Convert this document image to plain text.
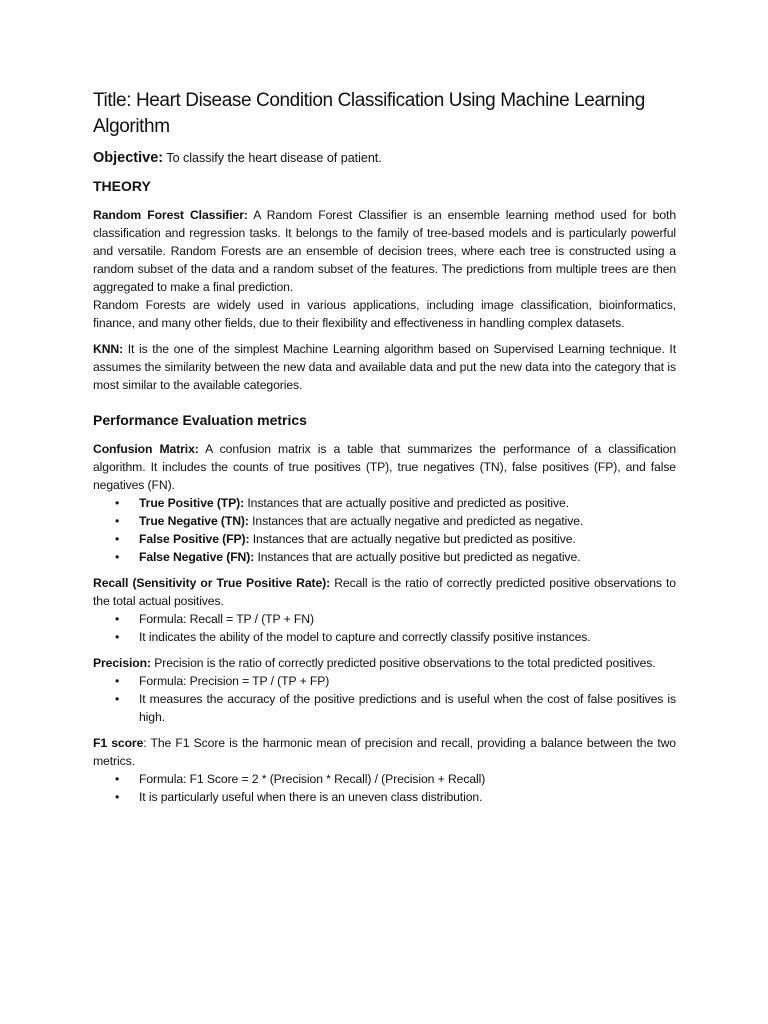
Title: Heart Disease Condition Classification Using Machine Learning Algorithm
Objective: To classify the heart disease of patient.
THEORY

Random Forest Classifier: A Random Forest Classifier is an ensemble learning method used for both classification and regression tasks. It belongs to the family of tree-based models and is particularly powerful and versatile. Random Forests are an ensemble of decision trees, where each tree is constructed using a random subset of the data and a random subset of the features. The predictions from multiple trees are then aggregated to make a final prediction.

Random Forests are widely used in various applications, including image classification, bioinformatics, finance, and many other fields, due to their flexibility and effectiveness in handling complex datasets.

KNN: It is the one of the simplest Machine Learning algorithm based on Supervised Learning technique. It assumes the similarity between the new data and available data and put the new data into the category that is most similar to the available categories.

Performance Evaluation metrics

Confusion Matrix: A confusion matrix is a table that summarizes the performance of a classification algorithm. It includes the counts of true positives (TP), true negatives (TN), false positives (FP), and false negatives (FN).

• True Positive (TP): Instances that are actually positive and predicted as positive.
• True Negative (TN): Instances that are actually negative and predicted as negative.
• False Positive (FP): Instances that are actually negative but predicted as positive.
• False Negative (FN): Instances that are actually positive but predicted as negative.

Recall (Sensitivity or True Positive Rate): Recall is the ratio of correctly predicted positive observations to the total actual positives.

• Formula: Recall = TP / (TP + FN)
• It indicates the ability of the model to capture and correctly classify positive instances.

Precision: Precision is the ratio of correctly predicted positive observations to the total predicted positives.

• Formula: Precision = TP / (TP + FP)
• It measures the accuracy of the positive predictions and is useful when the cost of false positives is high.

F1 score: The F1 Score is the harmonic mean of precision and recall, providing a balance between the two metrics.

• Formula: F1 Score = 2 * (Precision * Recall) / (Precision + Recall)
• It is particularly useful when there is an uneven class distribution.
